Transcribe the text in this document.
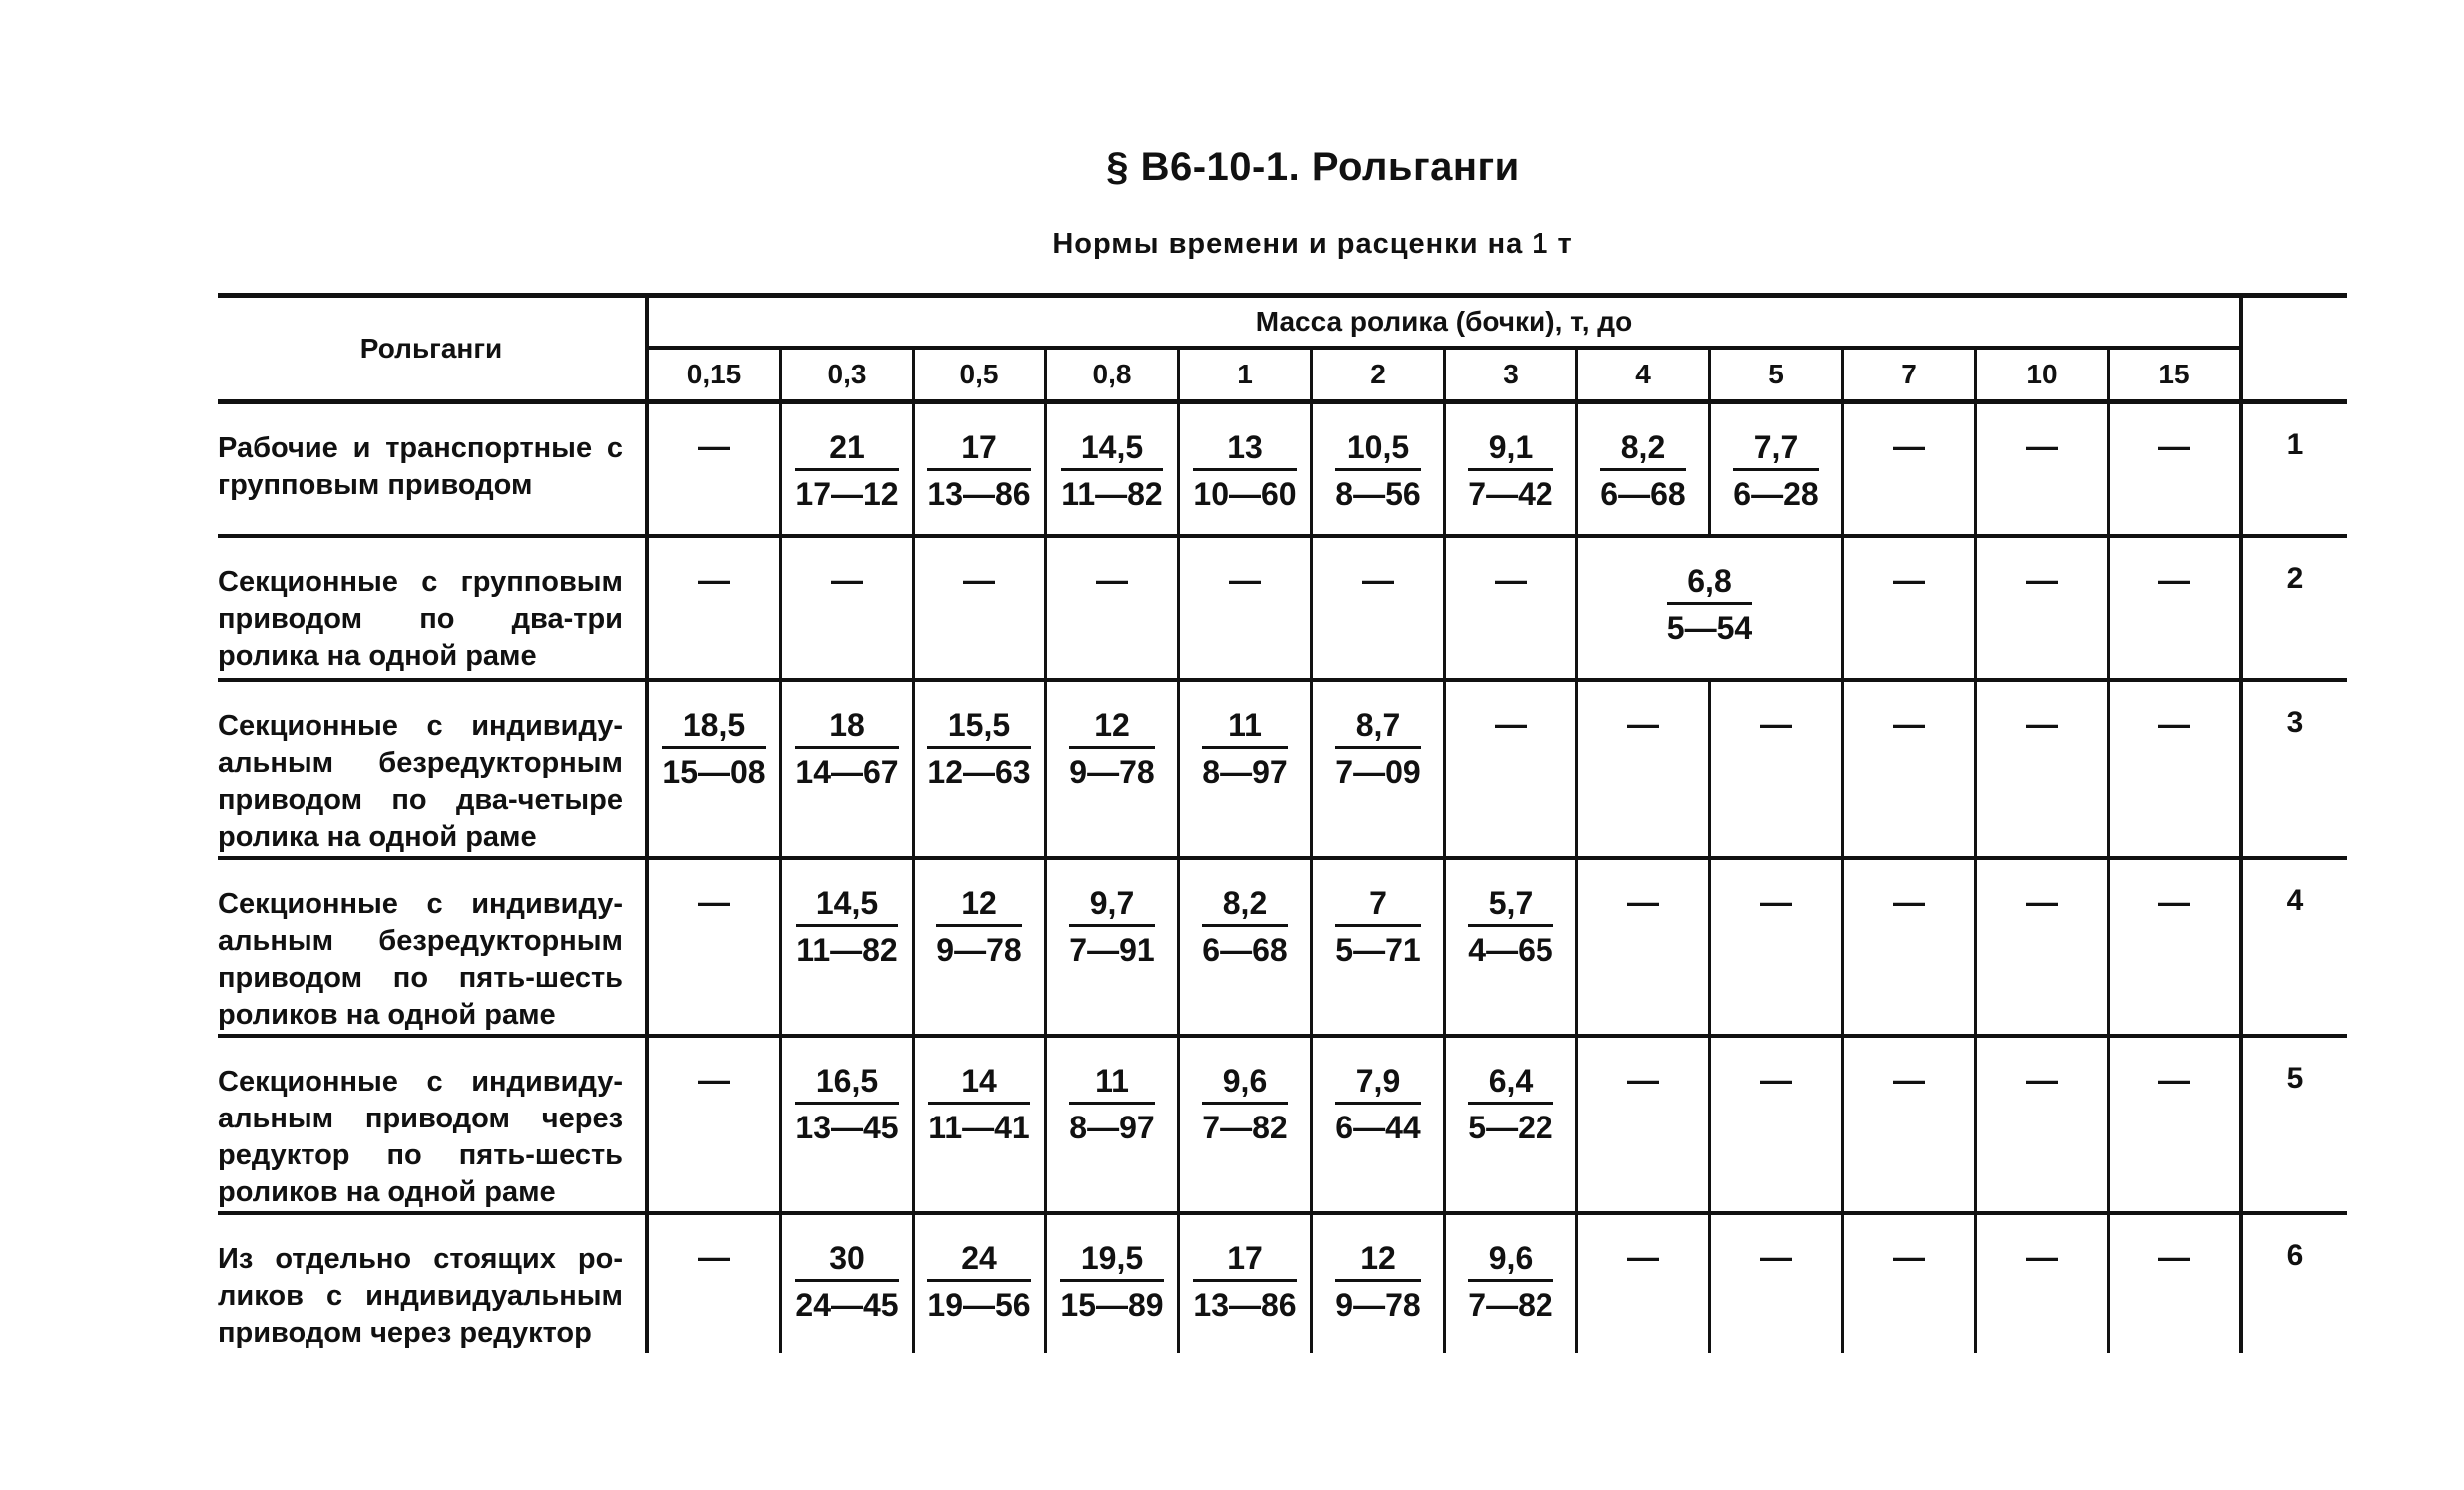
§ В6-10-1. Рольганги
Нормы времени и расценки на 1 т
Рольганги	Масса ролика (бочки), т, до												
	0,15	0,3	0,5	0,8	1	2	3	4	5	7	10	15	
Рабочие и транспортные с групповым приводом	—	$\frac{21}{17—12}$	$\frac{17}{13—86}$	$\frac{14,5}{11—82}$	$\frac{13}{10—60}$	$\frac{10,5}{8—56}$	$\frac{9,1}{7—42}$	$\frac{8,2}{6—68}$	$\frac{7,7}{6—28}$	—	—	—	1
Секционные с групповым приводом по два-три ролика на одной раме	—	—	—	—	—	—	—	$\frac{6,8}{5—54}$		—	—	—	2
Секционные с индивидуальным безредукторным приводом по два-четыре ролика на одной раме	$\frac{18,5}{15—08}$	$\frac{18}{14—67}$	$\frac{15,5}{12—63}$	$\frac{12}{9—78}$	$\frac{11}{8—97}$	$\frac{8,7}{7—09}$	—	—	—	—	—	—	3
Секционные с индивидуальным безредукторным приводом по пять-шесть роликов на одной раме	—	$\frac{14,5}{11—82}$	$\frac{12}{9—78}$	$\frac{9,7}{7—91}$	$\frac{8,2}{6—68}$	$\frac{7}{5—71}$	$\frac{5,7}{4—65}$	—	—	—	—	—	4
Секционные с индивидуальным приводом через редуктор по пять-шесть роликов на одной раме	—	$\frac{16,5}{13—45}$	$\frac{14}{11—41}$	$\frac{11}{8—97}$	$\frac{9,6}{7—82}$	$\frac{7,9}{6—44}$	$\frac{6,4}{5—22}$	—	—	—	—	—	5
Из отдельно стоящих роликов с индивидуальным приводом через редуктор	—	$\frac{30}{24—45}$	$\frac{24}{19—56}$	$\frac{19,5}{15—89}$	$\frac{17}{13—86}$	$\frac{12}{9—78}$	$\frac{9,6}{7—82}$	—	—	—	—	—	6
